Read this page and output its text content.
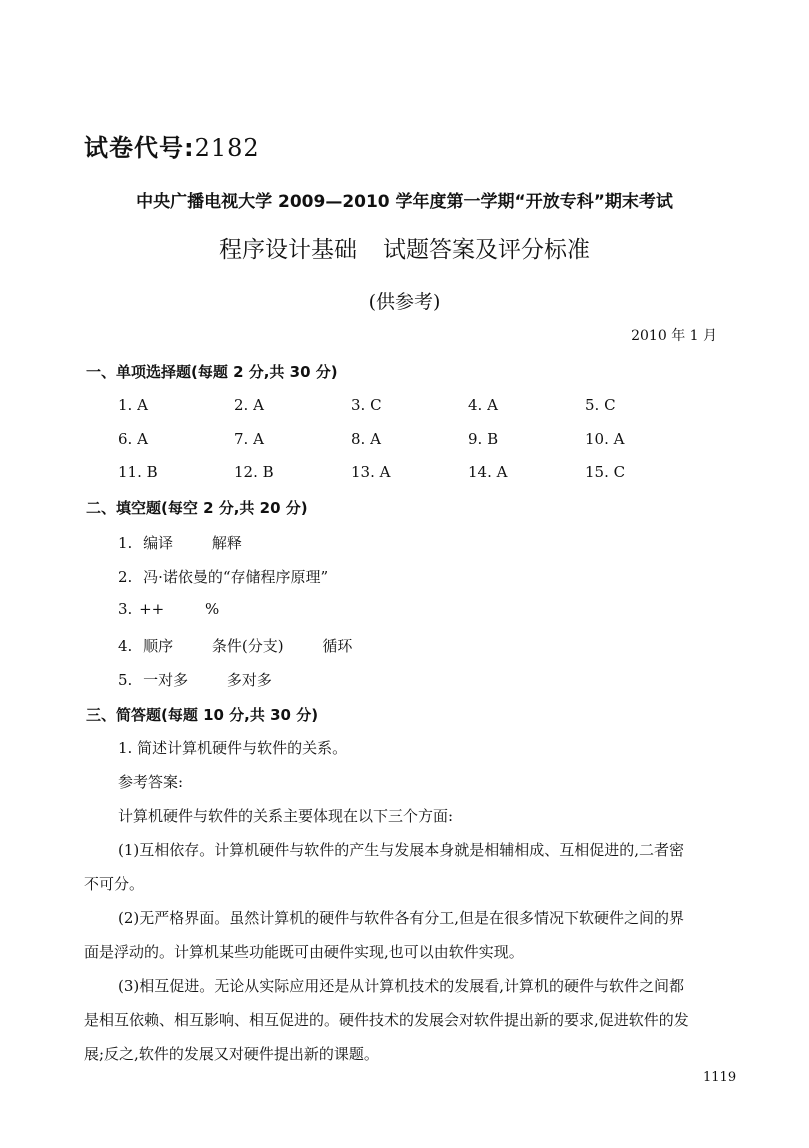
试卷代号:2182
中央广播电视大学 2009—2010 学年度第一学期“开放专科”期末考试
程序设计基础 试题答案及评分标准
(供参考)
2010 年 1 月
一、单项选择题(每题 2 分,共 30 分)
1. A	2. A	3. C	4. A	5. C
6. A	7. A	8. A	9. B	10. A
11. B	12. B	13. A	14. A	15. C
二、填空题(每空 2 分,共 20 分)
1. 编译	解释
2. 冯·诺依曼的“存储程序原理”
3. ++	%
4. 顺序	条件(分支)	循环
5. 一对多	多对多
三、简答题(每题 10 分,共 30 分)
1. 简述计算机硬件与软件的关系。
参考答案:
计算机硬件与软件的关系主要体现在以下三个方面:
(1)互相依存。计算机硬件与软件的产生与发展本身就是相辅相成、互相促进的,二者密
不可分。
(2)无严格界面。虽然计算机的硬件与软件各有分工,但是在很多情况下软硬件之间的界
面是浮动的。计算机某些功能既可由硬件实现,也可以由软件实现。
(3)相互促进。无论从实际应用还是从计算机技术的发展看,计算机的硬件与软件之间都
是相互依赖、相互影响、相互促进的。硬件技术的发展会对软件提出新的要求,促进软件的发
展;反之,软件的发展又对硬件提出新的课题。
1119
